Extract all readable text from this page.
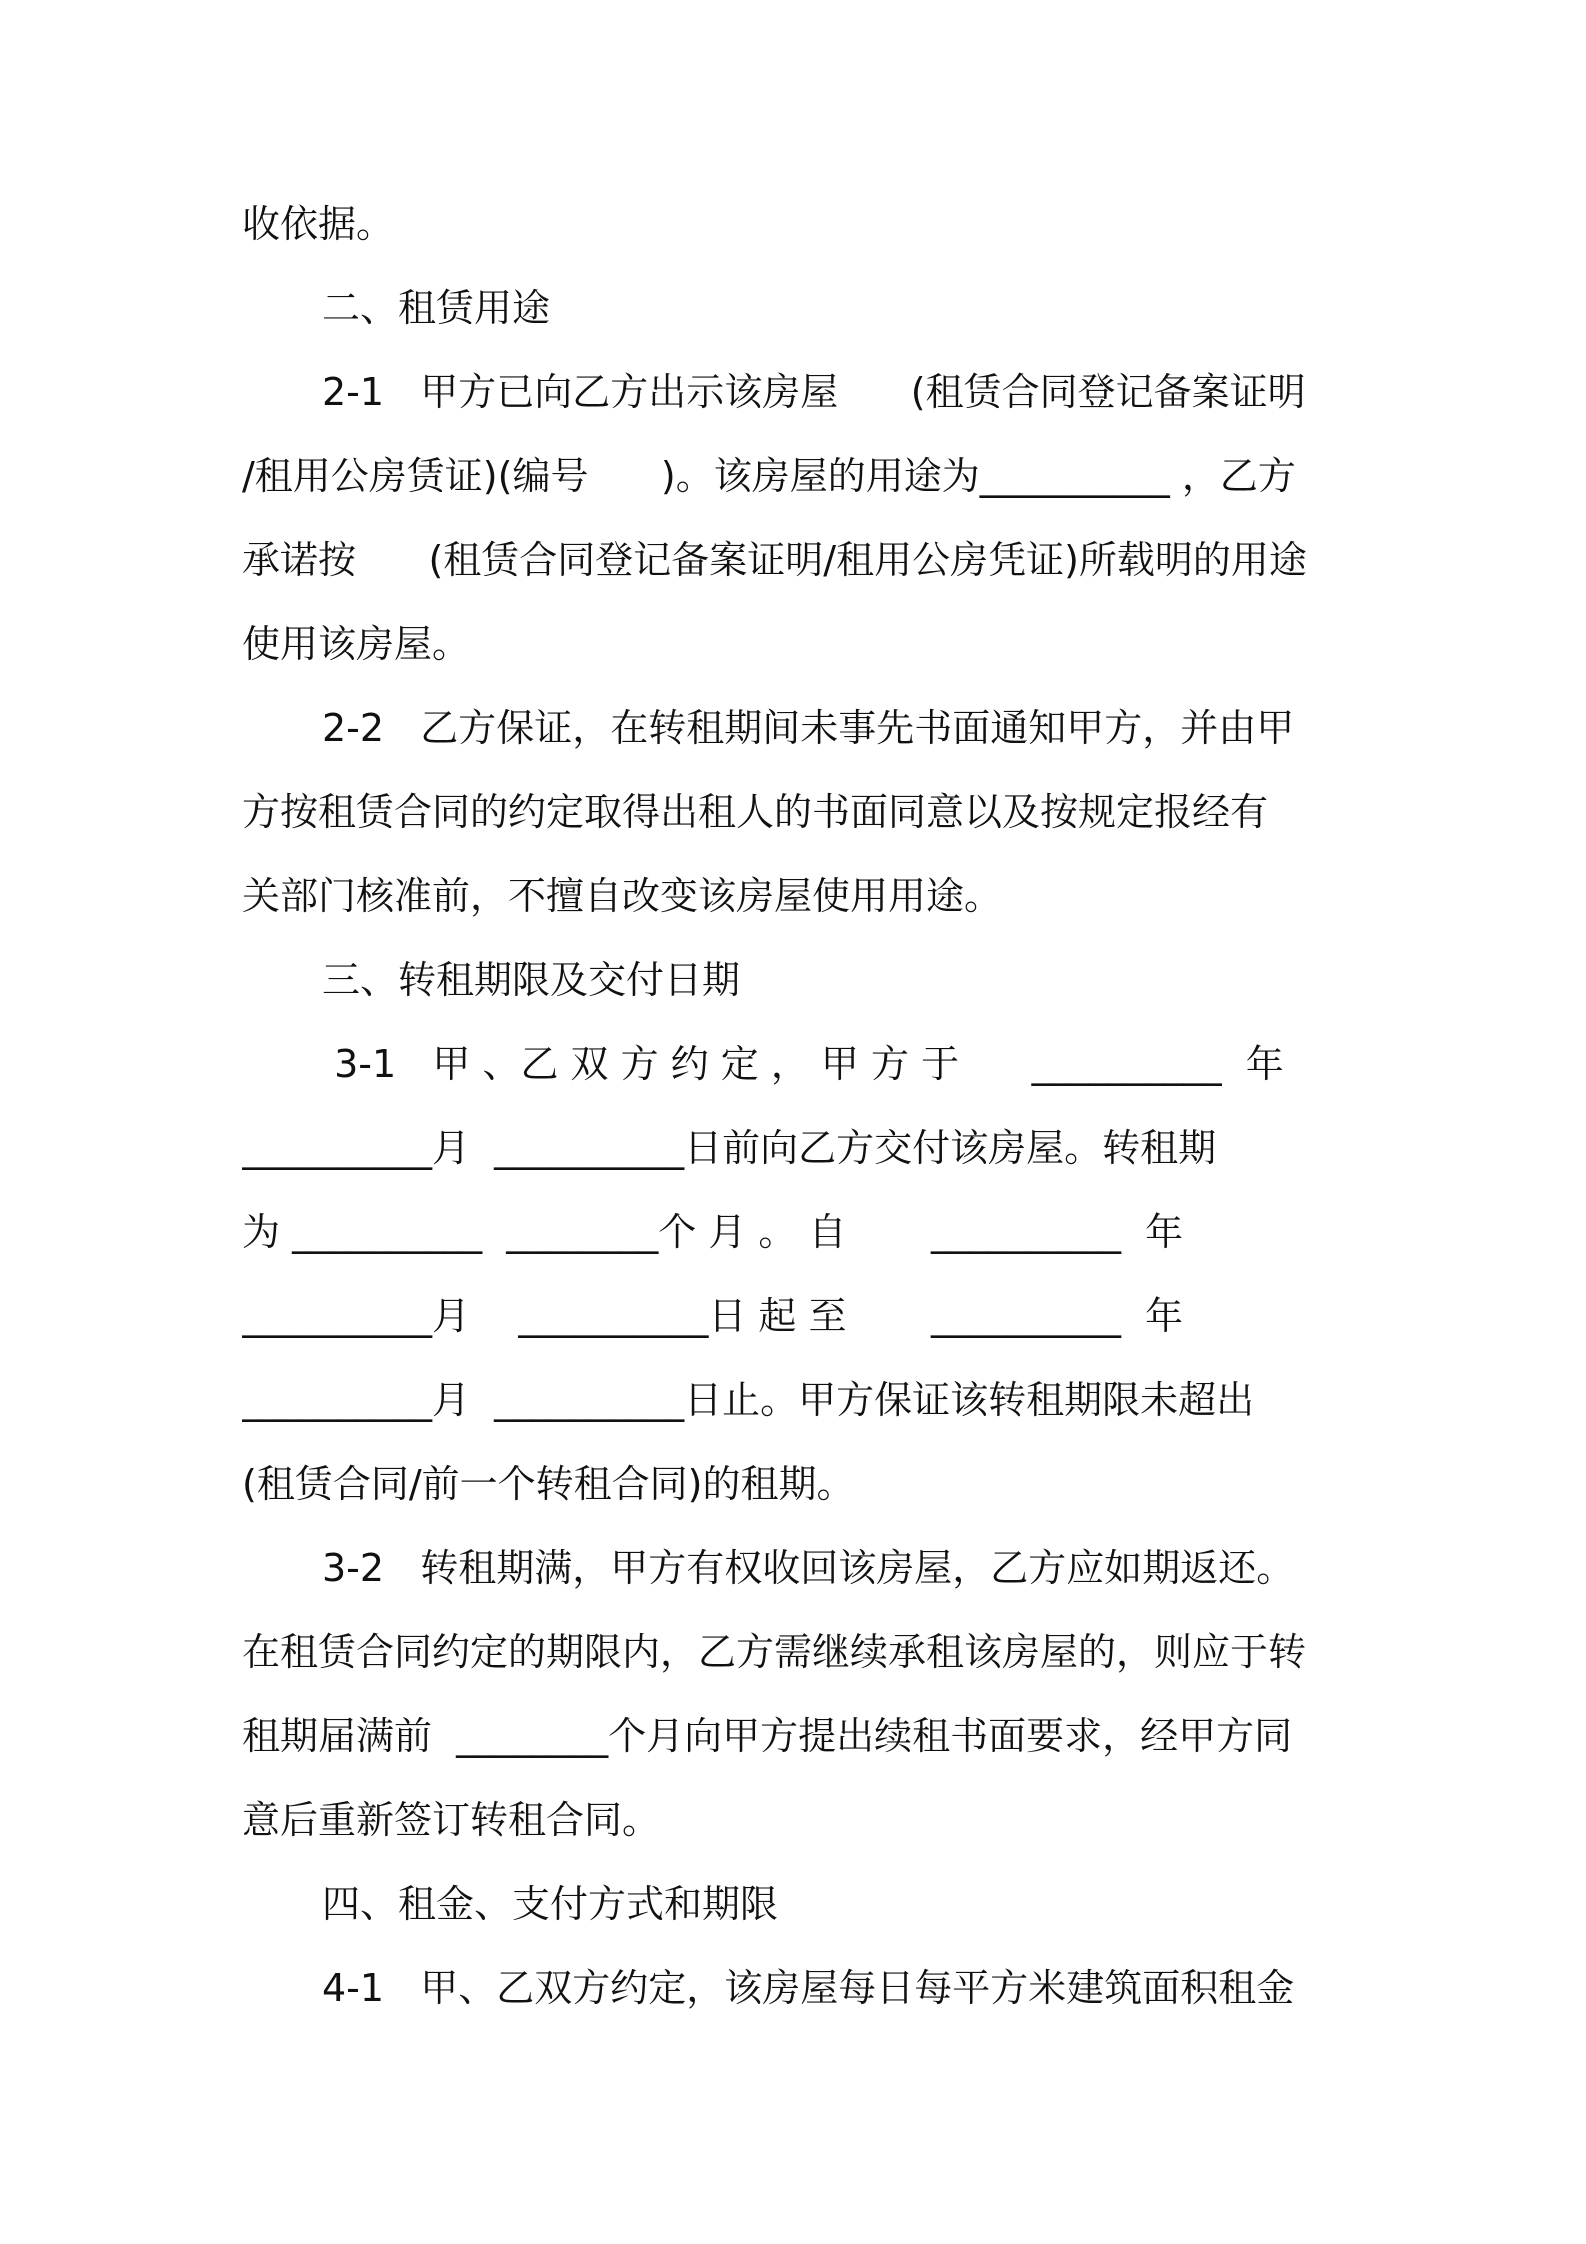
收依据。
二、租赁用途
2-1   甲方已向乙方出示该房屋      (租赁合同登记备案证明
/租用公房赁证)(编号      )。该房屋的用途为__________ ，乙方
承诺按      (租赁合同登记备案证明/租用公房凭证)所载明的用途
使用该房屋。
2-2   乙方保证，在转租期间未事先书面通知甲方，并由甲
方按租赁合同的约定取得出租人的书面同意以及按规定报经有
关部门核准前，不擅自改变该房屋使用用途。
三、转租期限及交付日期
3-1   甲 、乙 双 方 约 定 ， 甲 方 于      __________  年
__________月  __________日前向乙方交付该房屋。转租期
为 __________  ________个 月 。 自       __________  年
__________月    __________日 起 至       __________  年
__________月  __________日止。甲方保证该转租期限未超出
(租赁合同/前一个转租合同)的租期。
3-2   转租期满，甲方有权收回该房屋，乙方应如期返还。
在租赁合同约定的期限内，乙方需继续承租该房屋的，则应于转
租期届满前  ________个月向甲方提出续租书面要求，经甲方同
意后重新签订转租合同。
四、租金、支付方式和期限
4-1   甲、乙双方约定，该房屋每日每平方米建筑面积租金
